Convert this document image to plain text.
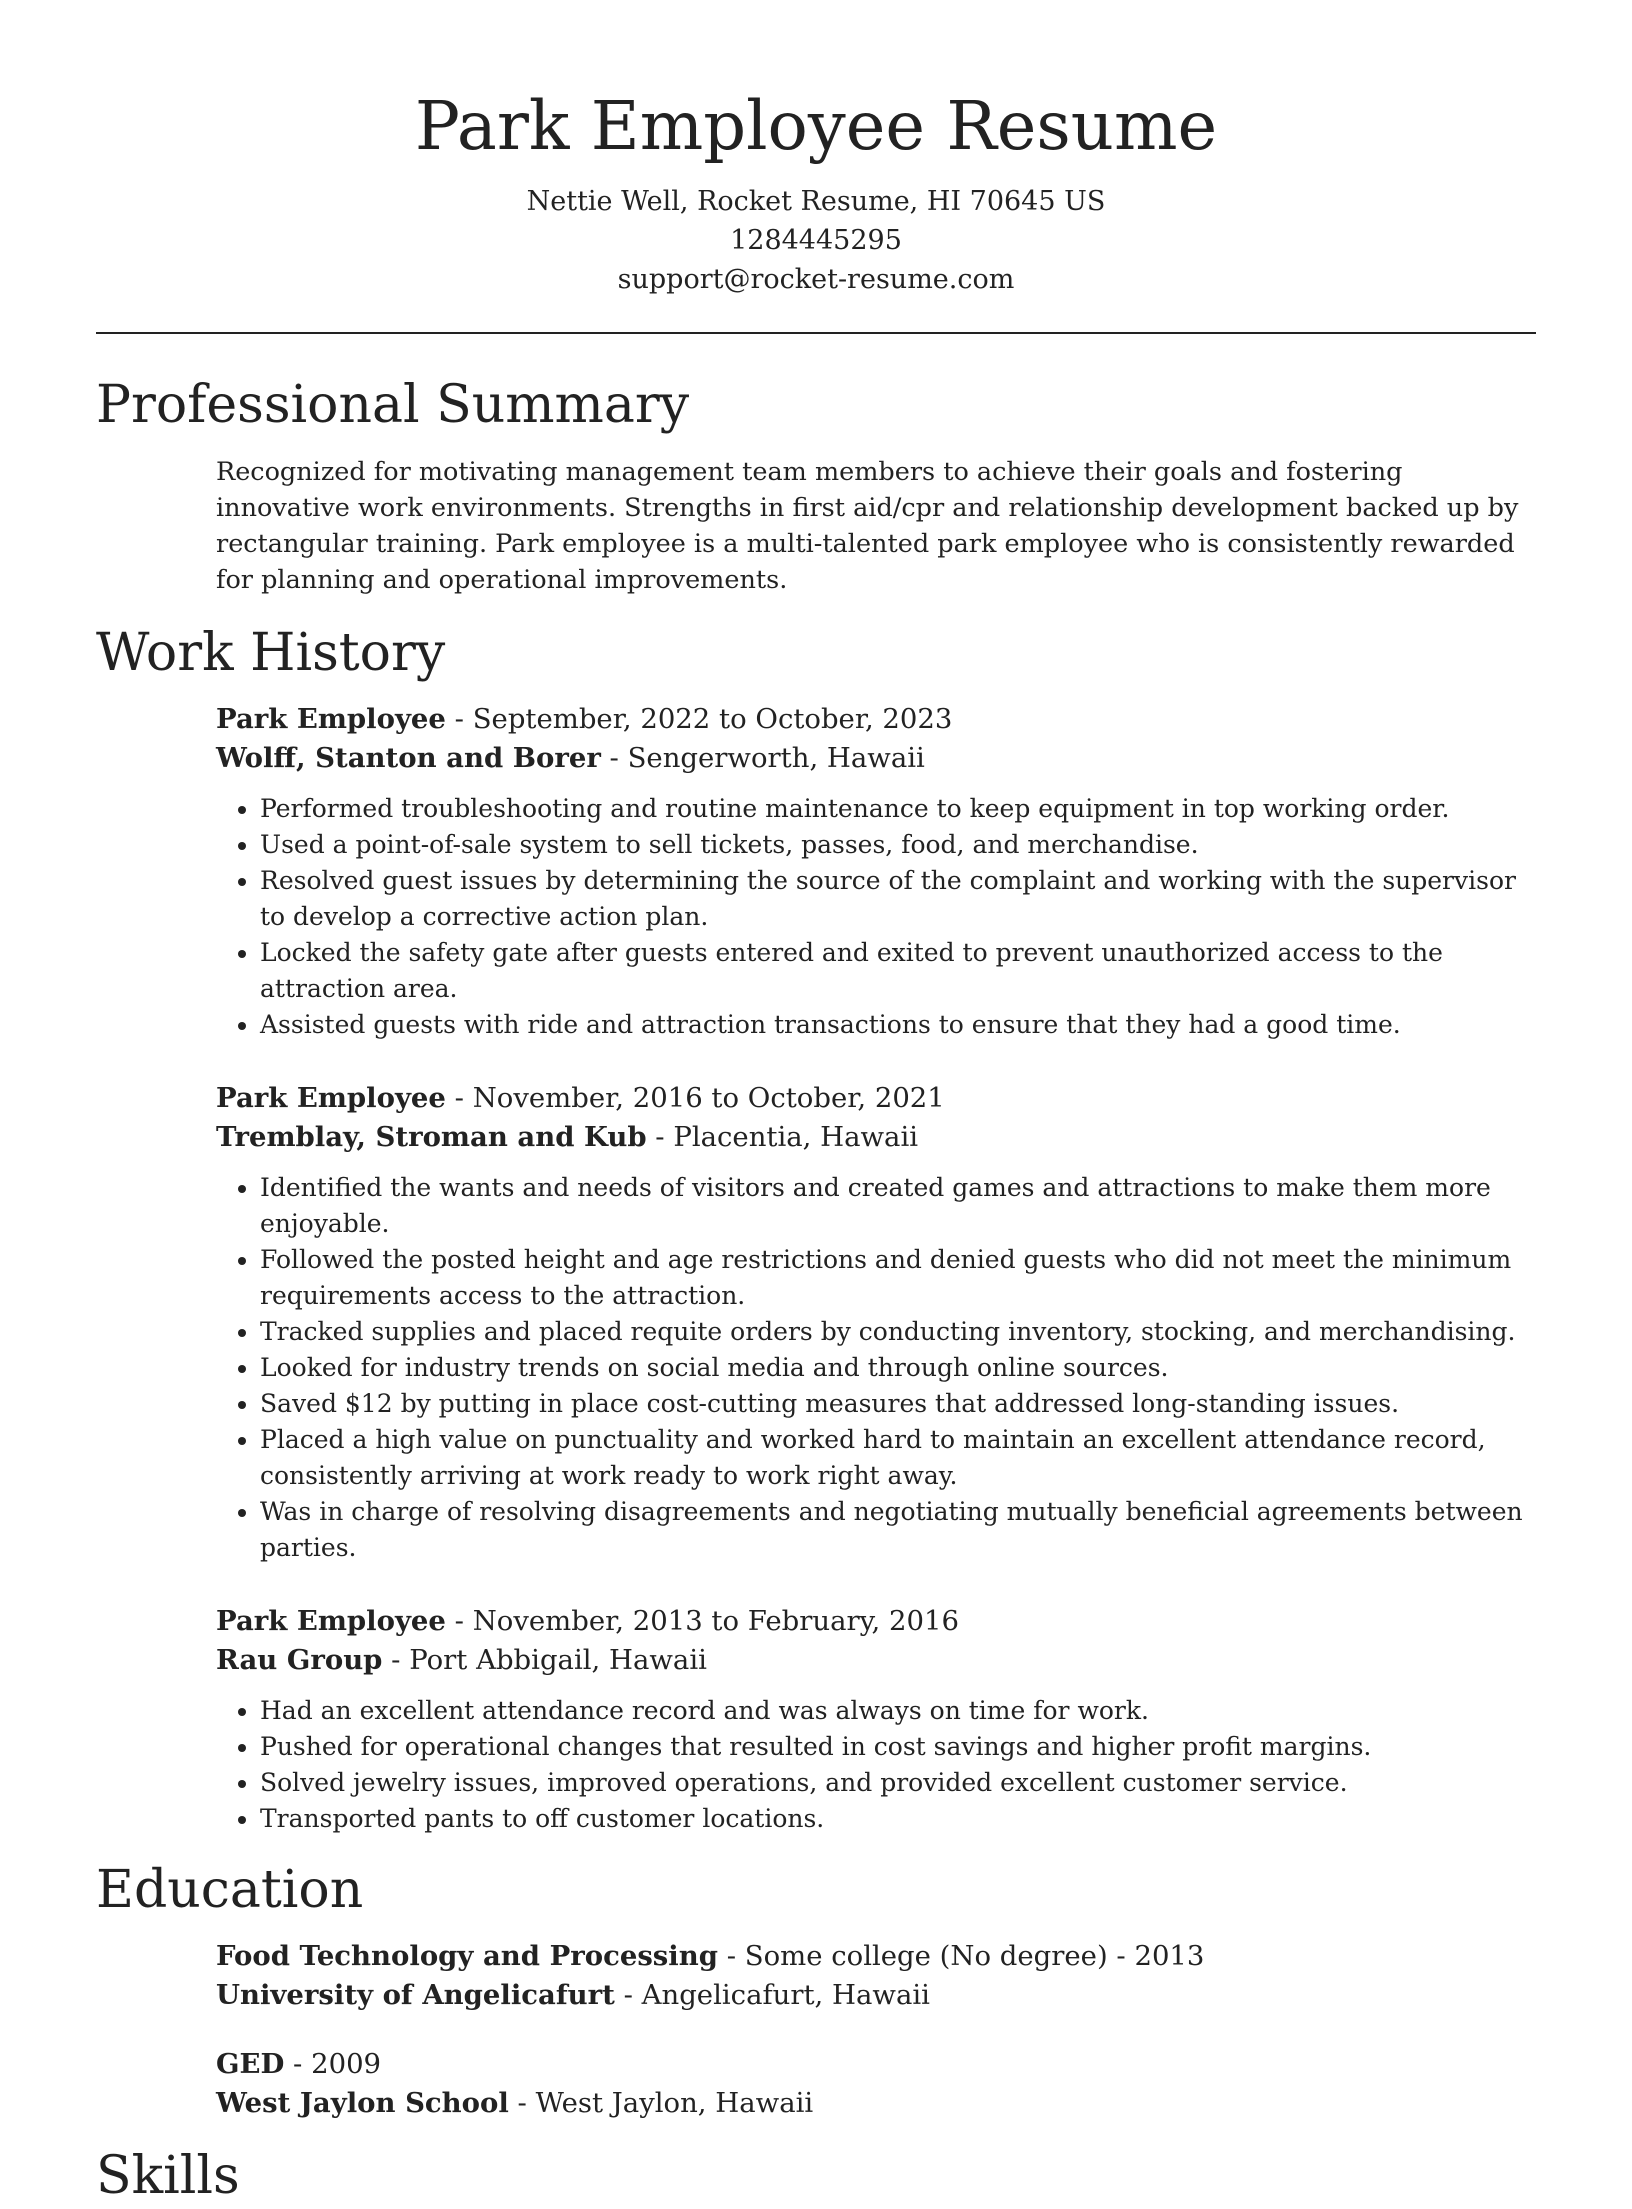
Park Employee Resume
Nettie Well, Rocket Resume, HI 70645 US
1284445295
support@rocket-resume.com
Professional Summary
Recognized for motivating management team members to achieve their goals and fostering innovative work environments. Strengths in first aid/cpr and relationship development backed up by rectangular training. Park employee is a multi-talented park employee who is consistently rewarded for planning and operational improvements.
Work History
Park Employee - September, 2022 to October, 2023
Wolff, Stanton and Borer - Sengerworth, Hawaii
• Performed troubleshooting and routine maintenance to keep equipment in top working order.
• Used a point-of-sale system to sell tickets, passes, food, and merchandise.
• Resolved guest issues by determining the source of the complaint and working with the supervisor to develop a corrective action plan.
• Locked the safety gate after guests entered and exited to prevent unauthorized access to the attraction area.
• Assisted guests with ride and attraction transactions to ensure that they had a good time.
Park Employee - November, 2016 to October, 2021
Tremblay, Stroman and Kub - Placentia, Hawaii
• Identified the wants and needs of visitors and created games and attractions to make them more enjoyable.
• Followed the posted height and age restrictions and denied guests who did not meet the minimum requirements access to the attraction.
• Tracked supplies and placed requite orders by conducting inventory, stocking, and merchandising.
• Looked for industry trends on social media and through online sources.
• Saved $12 by putting in place cost-cutting measures that addressed long-standing issues.
• Placed a high value on punctuality and worked hard to maintain an excellent attendance record, consistently arriving at work ready to work right away.
• Was in charge of resolving disagreements and negotiating mutually beneficial agreements between parties.
Park Employee - November, 2013 to February, 2016
Rau Group - Port Abbigail, Hawaii
• Had an excellent attendance record and was always on time for work.
• Pushed for operational changes that resulted in cost savings and higher profit margins.
• Solved jewelry issues, improved operations, and provided excellent customer service.
• Transported pants to off customer locations.
Education
Food Technology and Processing - Some college (No degree) - 2013
University of Angelicafurt - Angelicafurt, Hawaii
GED - 2009
West Jaylon School - West Jaylon, Hawaii
Skills
